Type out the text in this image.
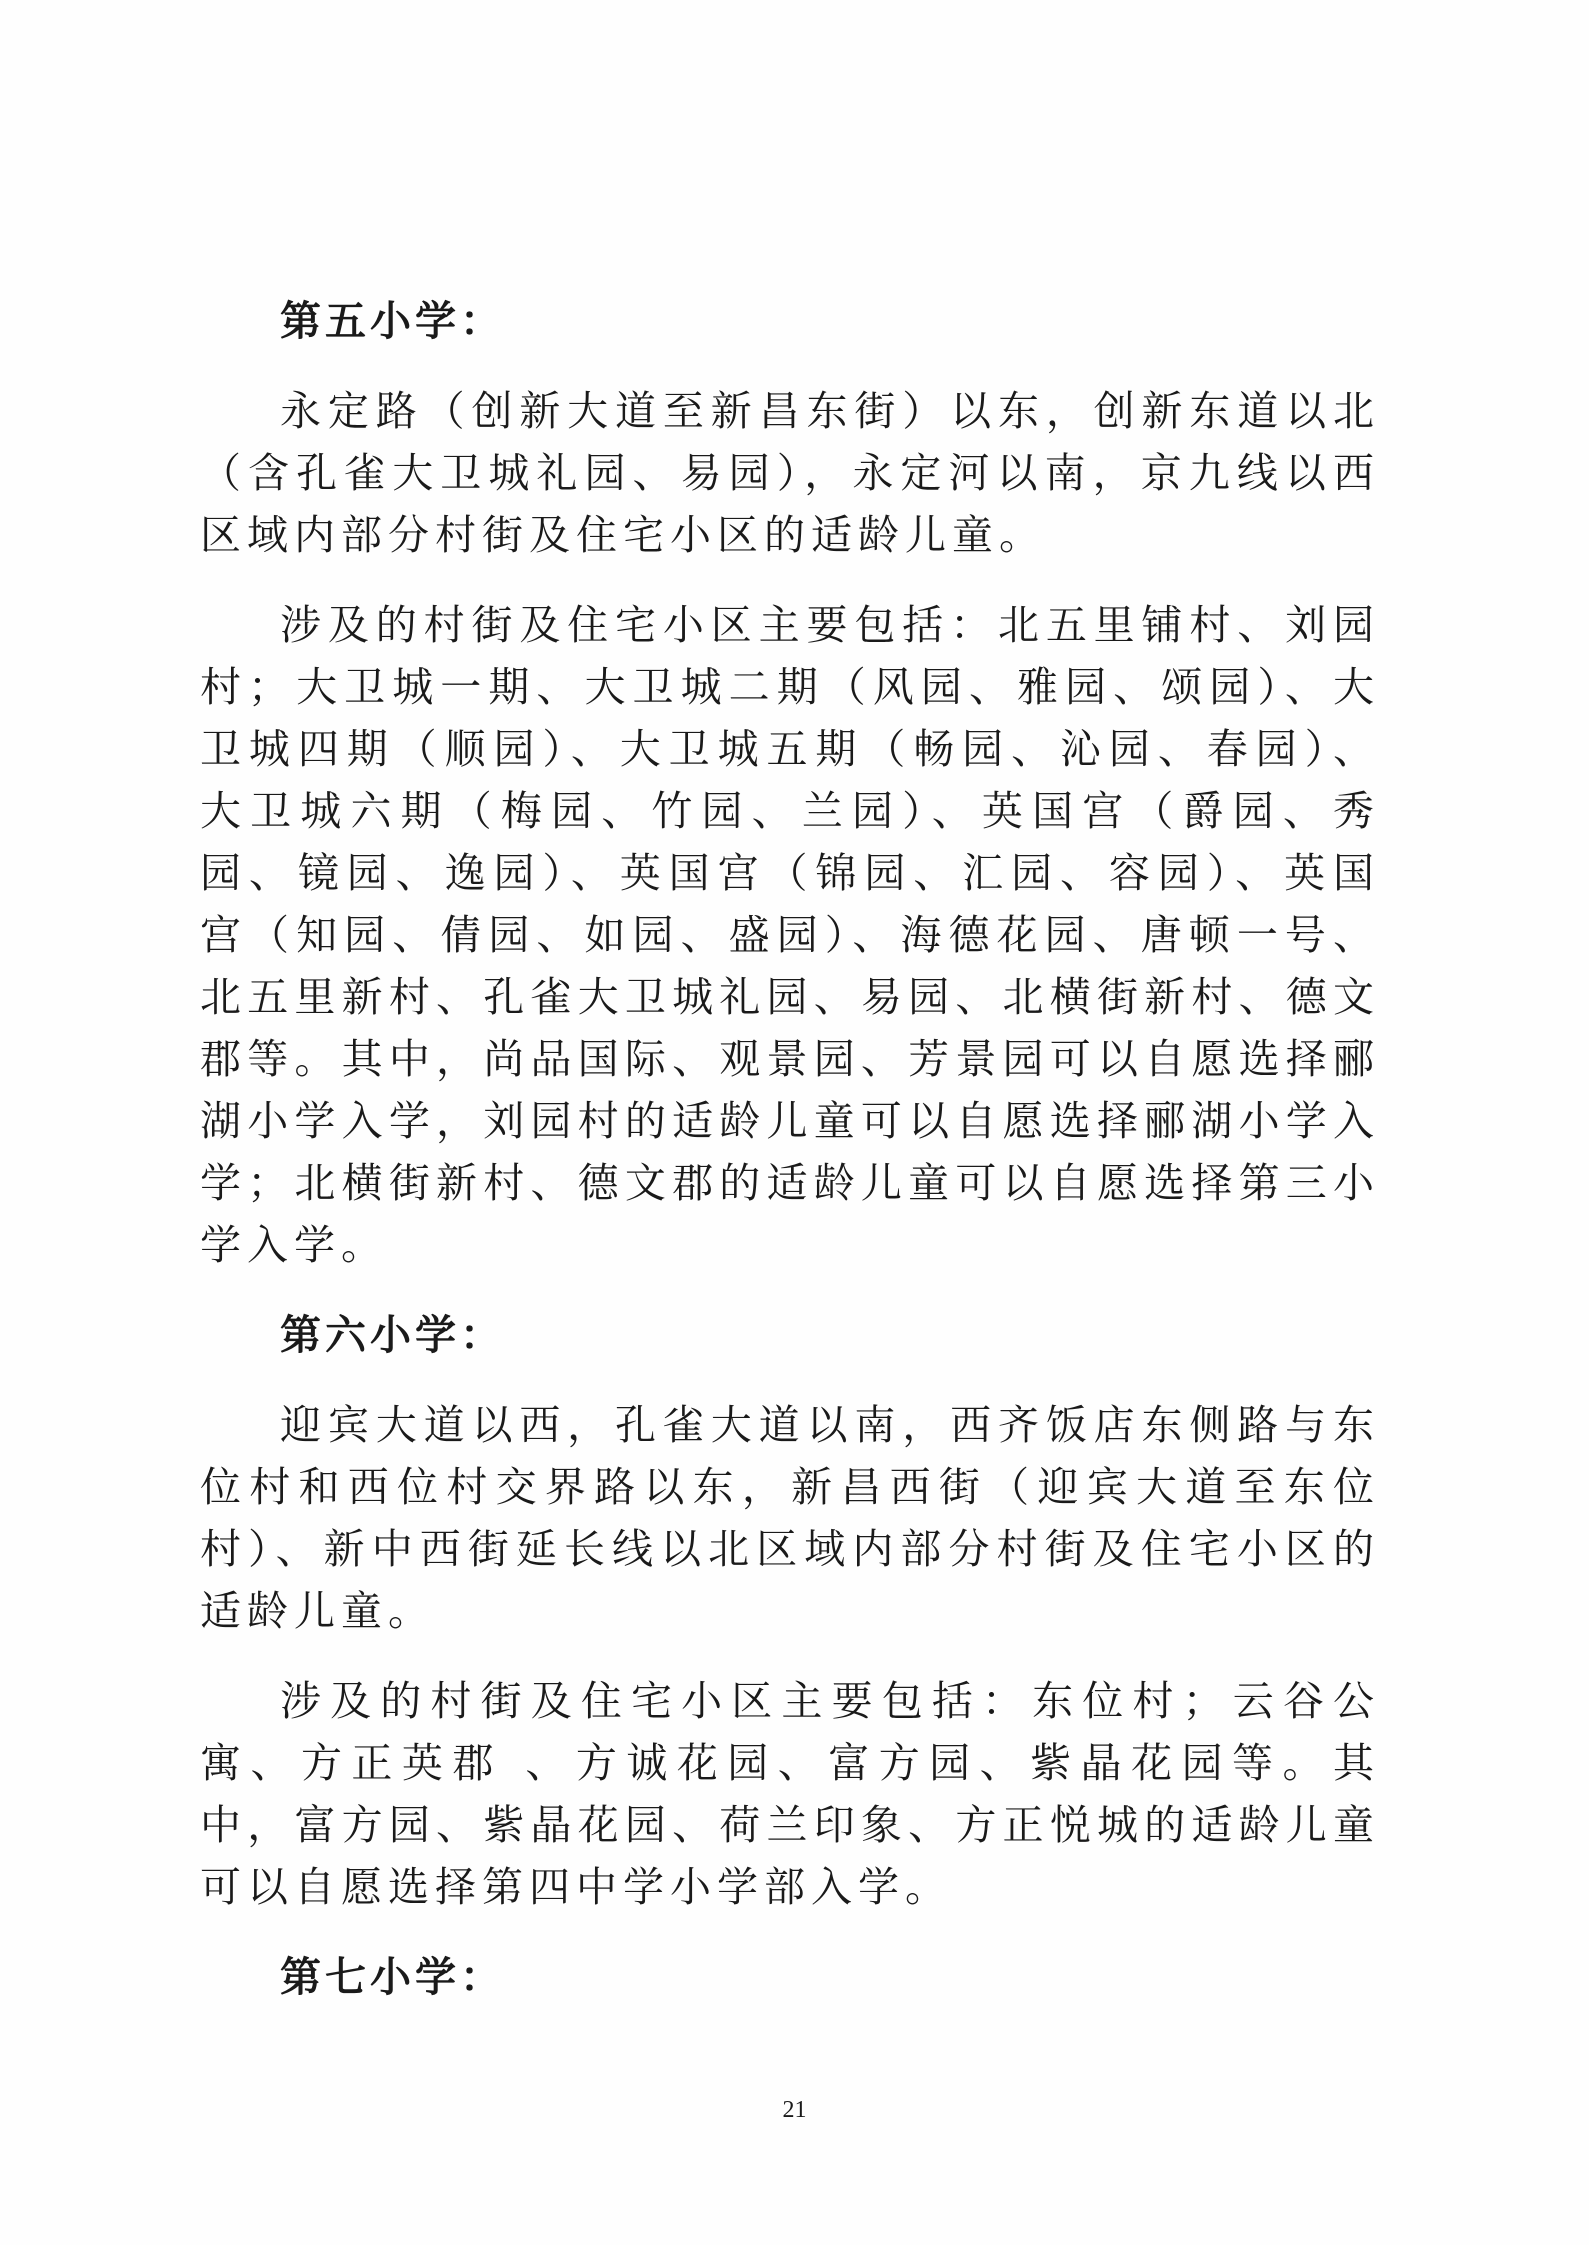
第五小学：

永定路（创新大道至新昌东街）以东，创新东道以北（含孔雀大卫城礼园、易园），永定河以南，京九线以西区域内部分村街及住宅小区的适龄儿童。

涉及的村街及住宅小区主要包括：北五里铺村、刘园村；大卫城一期、大卫城二期（风园、雅园、颂园）、大卫城四期（顺园）、大卫城五期（畅园、沁园、春园）、大卫城六期（梅园、竹园、兰园）、英国宫（爵园、秀园、镜园、逸园）、英国宫（锦园、汇园、容园）、英国宫（知园、倩园、如园、盛园）、海德花园、唐顿一号、北五里新村、孔雀大卫城礼园、易园、北横街新村、德文郡等。其中，尚品国际、观景园、芳景园可以自愿选择郦湖小学入学，刘园村的适龄儿童可以自愿选择郦湖小学入学；北横街新村、德文郡的适龄儿童可以自愿选择第三小学入学。

第六小学：

迎宾大道以西，孔雀大道以南，西齐饭店东侧路与东位村和西位村交界路以东，新昌西街（迎宾大道至东位村）、新中西街延长线以北区域内部分村街及住宅小区的适龄儿童。

涉及的村街及住宅小区主要包括：东位村；云谷公寓、方正英郡 、方诚花园、富方园、紫晶花园等。其中，富方园、紫晶花园、荷兰印象、方正悦城的适龄儿童可以自愿选择第四中学小学部入学。

第七小学：
21
